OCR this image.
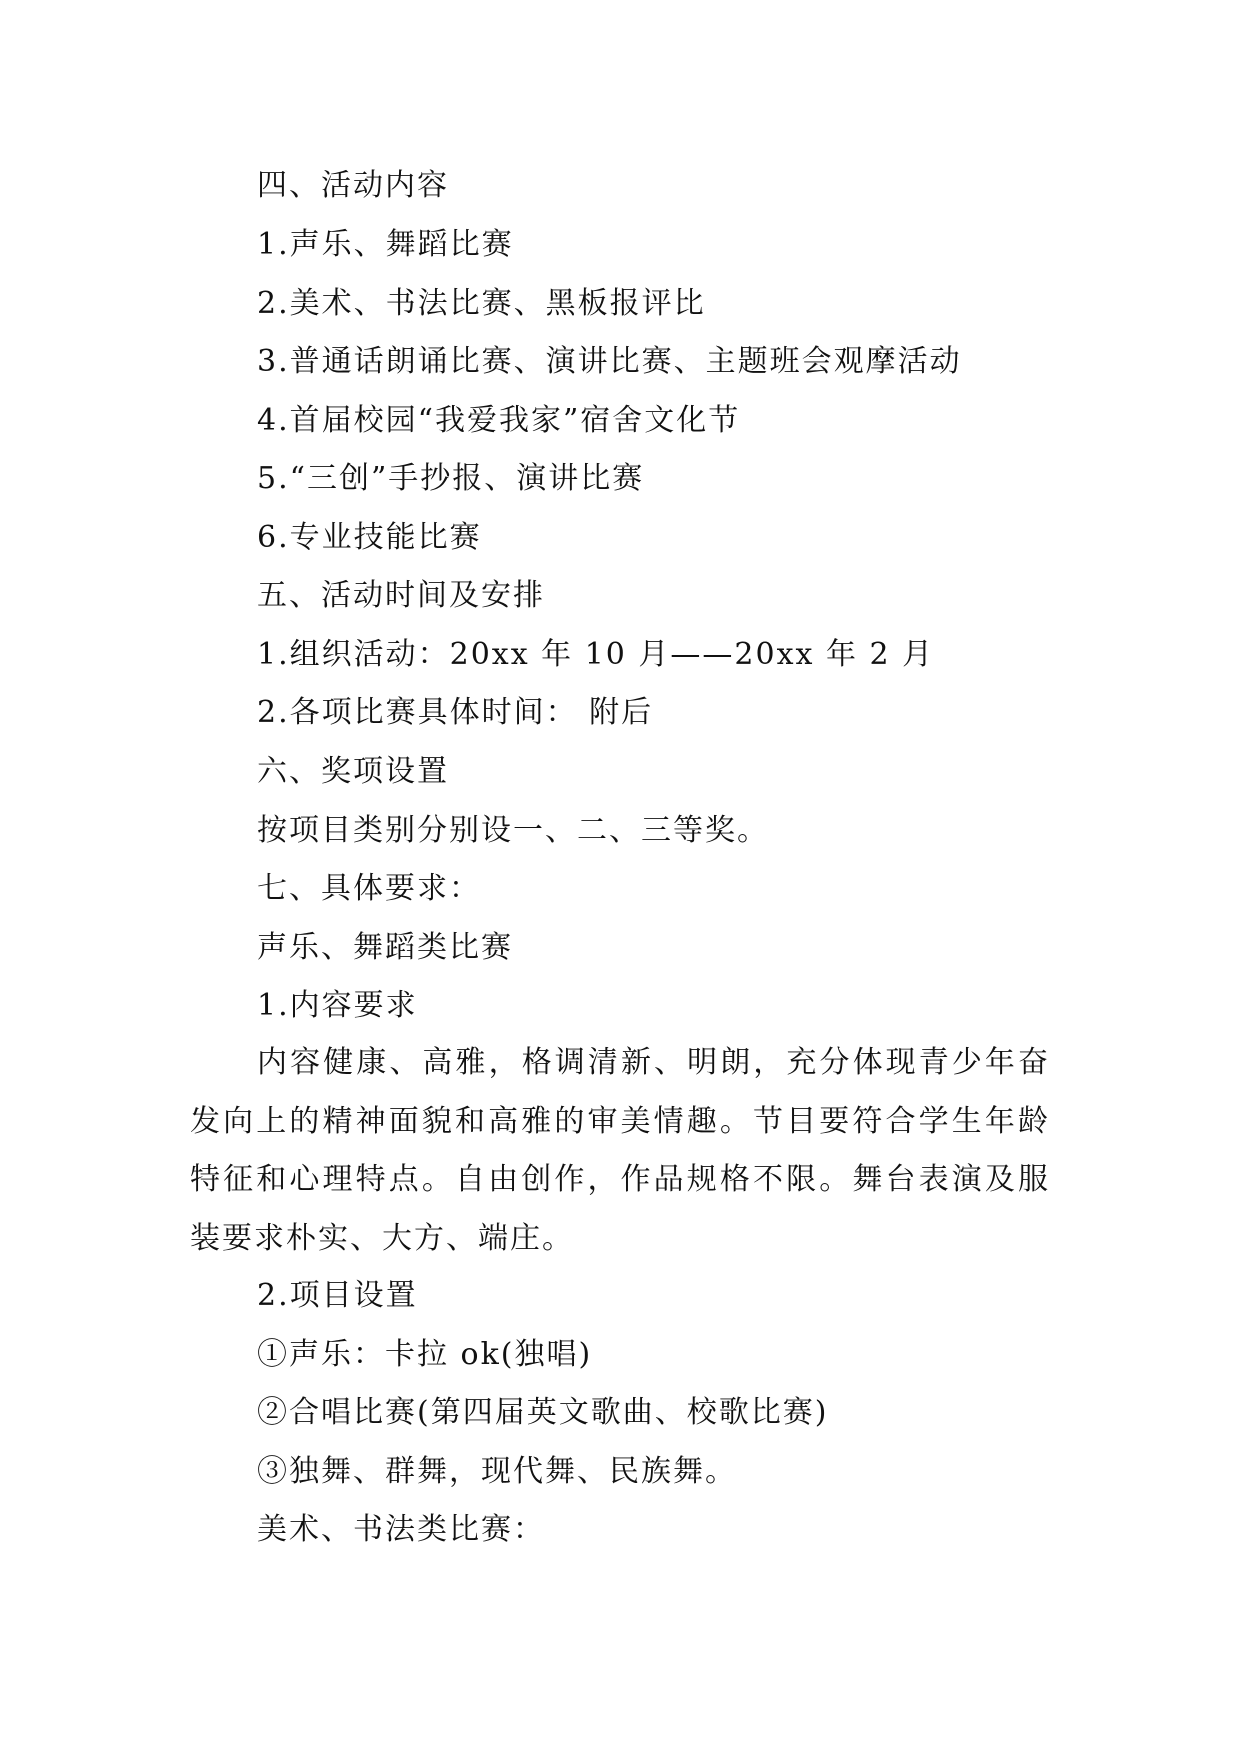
四、活动内容
1.声乐、舞蹈比赛
2.美术、书法比赛、黑板报评比
3.普通话朗诵比赛、演讲比赛、主题班会观摩活动
4.首届校园“我爱我家”宿舍文化节
5.“三创”手抄报、演讲比赛
6.专业技能比赛
五、活动时间及安排
1.组织活动：20xx 年 10 月——20xx 年 2 月
2.各项比赛具体时间： 附后
六、奖项设置
按项目类别分别设一、二、三等奖。
七、具体要求：
声乐、舞蹈类比赛
1.内容要求
内容健康、高雅，格调清新、明朗，充分体现青少年奋发向上的精神面貌和高雅的审美情趣。节目要符合学生年龄特征和心理特点。自由创作，作品规格不限。舞台表演及服装要求朴实、大方、端庄。
2.项目设置
①声乐：卡拉 ok(独唱)
②合唱比赛(第四届英文歌曲、校歌比赛)
③独舞、群舞，现代舞、民族舞。
美术、书法类比赛：
